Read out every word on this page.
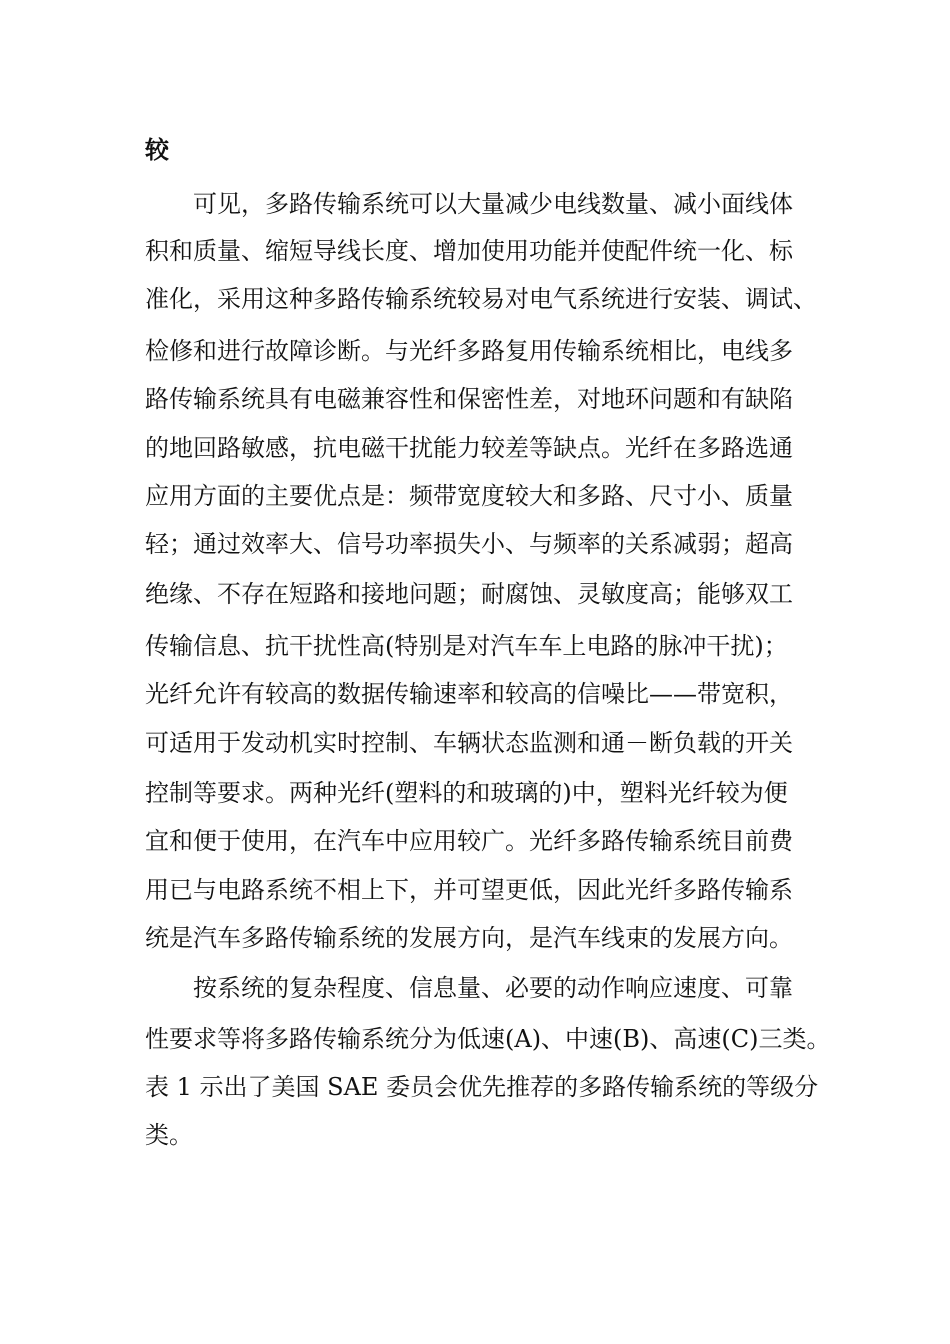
较

可见，多路传输系统可以大量减少电线数量、减小面线体

积和质量、缩短导线长度、增加使用功能并使配件统一化、标

准化，采用这种多路传输系统较易对电气系统进行安装、调试、

检修和进行故障诊断。与光纤多路复用传输系统相比，电线多

路传输系统具有电磁兼容性和保密性差，对地环问题和有缺陷

的地回路敏感，抗电磁干扰能力较差等缺点。光纤在多路选通

应用方面的主要优点是：频带宽度较大和多路、尺寸小、质量

轻；通过效率大、信号功率损失小、与频率的关系减弱；超高

绝缘、不存在短路和接地问题；耐腐蚀、灵敏度高；能够双工

传输信息、抗干扰性高(特别是对汽车车上电路的脉冲干扰)；

光纤允许有较高的数据传输速率和较高的信噪比——带宽积，

可适用于发动机实时控制、车辆状态监测和通－断负载的开关

控制等要求。两种光纤(塑料的和玻璃的)中，塑料光纤较为便

宜和便于使用，在汽车中应用较广。光纤多路传输系统目前费

用已与电路系统不相上下，并可望更低，因此光纤多路传输系

统是汽车多路传输系统的发展方向，是汽车线束的发展方向。

按系统的复杂程度、信息量、必要的动作响应速度、可靠

性要求等将多路传输系统分为低速(A)、中速(B)、高速(C)三类。

表 1 示出了美国 SAE 委员会优先推荐的多路传输系统的等级分

类。
